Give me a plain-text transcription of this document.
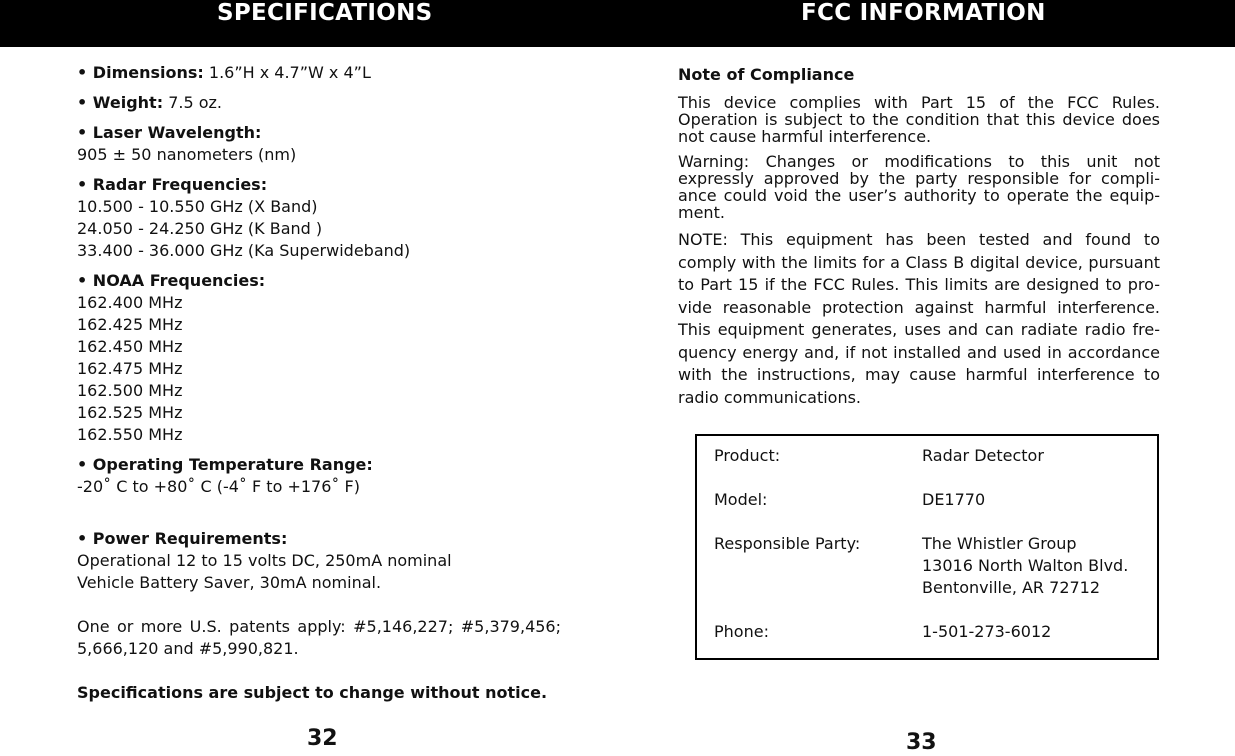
SPECIFICATIONS	FCC INFORMATION

• Dimensions: 1.6”H x 4.7”W x 4”L

• Weight: 7.5 oz.

• Laser Wavelength:
905 ± 50 nanometers (nm)
• Radar Frequencies:
10.500 - 10.550 GHz (X Band)
24.050 - 24.250 GHz (K Band )
33.400 - 36.000 GHz (Ka Superwideband)
• NOAA Frequencies:
162.400 MHz
162.425 MHz
162.450 MHz
162.475 MHz
162.500 MHz
162.525 MHz
162.550 MHz
• Operating Temperature Range:
-20˚ C to +80˚ C (-4˚ F to +176˚ F)
• Power Requirements:
Operational 12 to 15 volts DC, 250mA nominal
Vehicle Battery Saver, 30mA nominal.

One or more U.S. patents apply: #5,146,227; #5,379,456; 5,666,120 and #5,990,821.

Specifications are subject to change without notice.

Note of Compliance

This device complies with Part 15 of the FCC Rules. Operation is subject to the condition that this device does not cause harmful interference.

Warning: Changes or modifications to this unit not expressly approved by the party responsible for compli-ance could void the user’s authority to operate the equip-ment.

NOTE: This equipment has been tested and found to comply with the limits for a Class B digital device, pursuant to Part 15 if the FCC Rules. This limits are designed to pro-vide reasonable protection against harmful interference. This equipment generates, uses and can radiate radio fre-quency energy and, if not installed and used in accordance with the instructions, may cause harmful interference to radio communications.

Product:	Radar Detector
Model:	DE1770
Responsible Party:	The Whistler Group
13016 North Walton Blvd.
Bentonville, AR 72712
Phone:	1-501-273-6012
32	33
